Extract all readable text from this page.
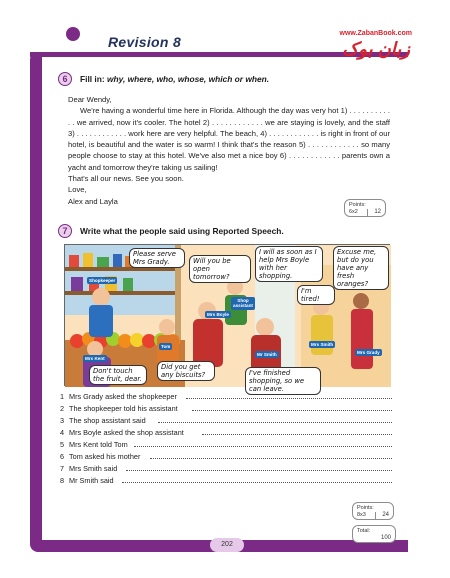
Revision 8
www.ZabanBook.com
زبان بوک
6	Fill in: why, where, who, whose, which or when.

Dear Wendy,

We're having a wonderful time here in Florida. Although the day was very hot 1) . . . . . . . . . . . . we arrived, now it's cooler. The hotel 2) . . . . . . . . . . . . we are staying is lovely, and the staff 3) . . . . . . . . . . . . work here are very helpful. The beach, 4) . . . . . . . . . . . . is right in front of our hotel, is beautiful and the water is so warm! I think that's the reason 5) . . . . . . . . . . . . so many people choose to stay at this hotel. We've also met a nice boy 6) . . . . . . . . . . . . parents own a yacht and tomorrow they're taking us sailing!

That's all our news. See you soon.

Love,

Alex and Layla	Points:
6x2	12
7	Write what the people said using Reported Speech.
Please serve Mrs Grady.	Will you be open tomorrow?
I will as soon as I help Mrs Boyle with her shopping.
Excuse me, but do you have any fresh oranges?
I'm tired!
Don't touch the fruit, dear.
Did you get any biscuits?	I've finished shopping, so we can leave.
Shopkeeper
Shop assistant
Mrs Boyle
Mrs Kent
Tom
Mr Smith
Mrs Smith
Mrs Grady
1 Mrs Grady asked the shopkeeper
2 The shopkeeper told his assistant
3 The shop assistant said
4 Mrs Boyle asked the shop assistant
5 Mrs Kent told Tom
6 Tom asked his mother
7 Mrs Smith said
8 Mr Smith said
Points:
8x3	24
Total:
100
202
